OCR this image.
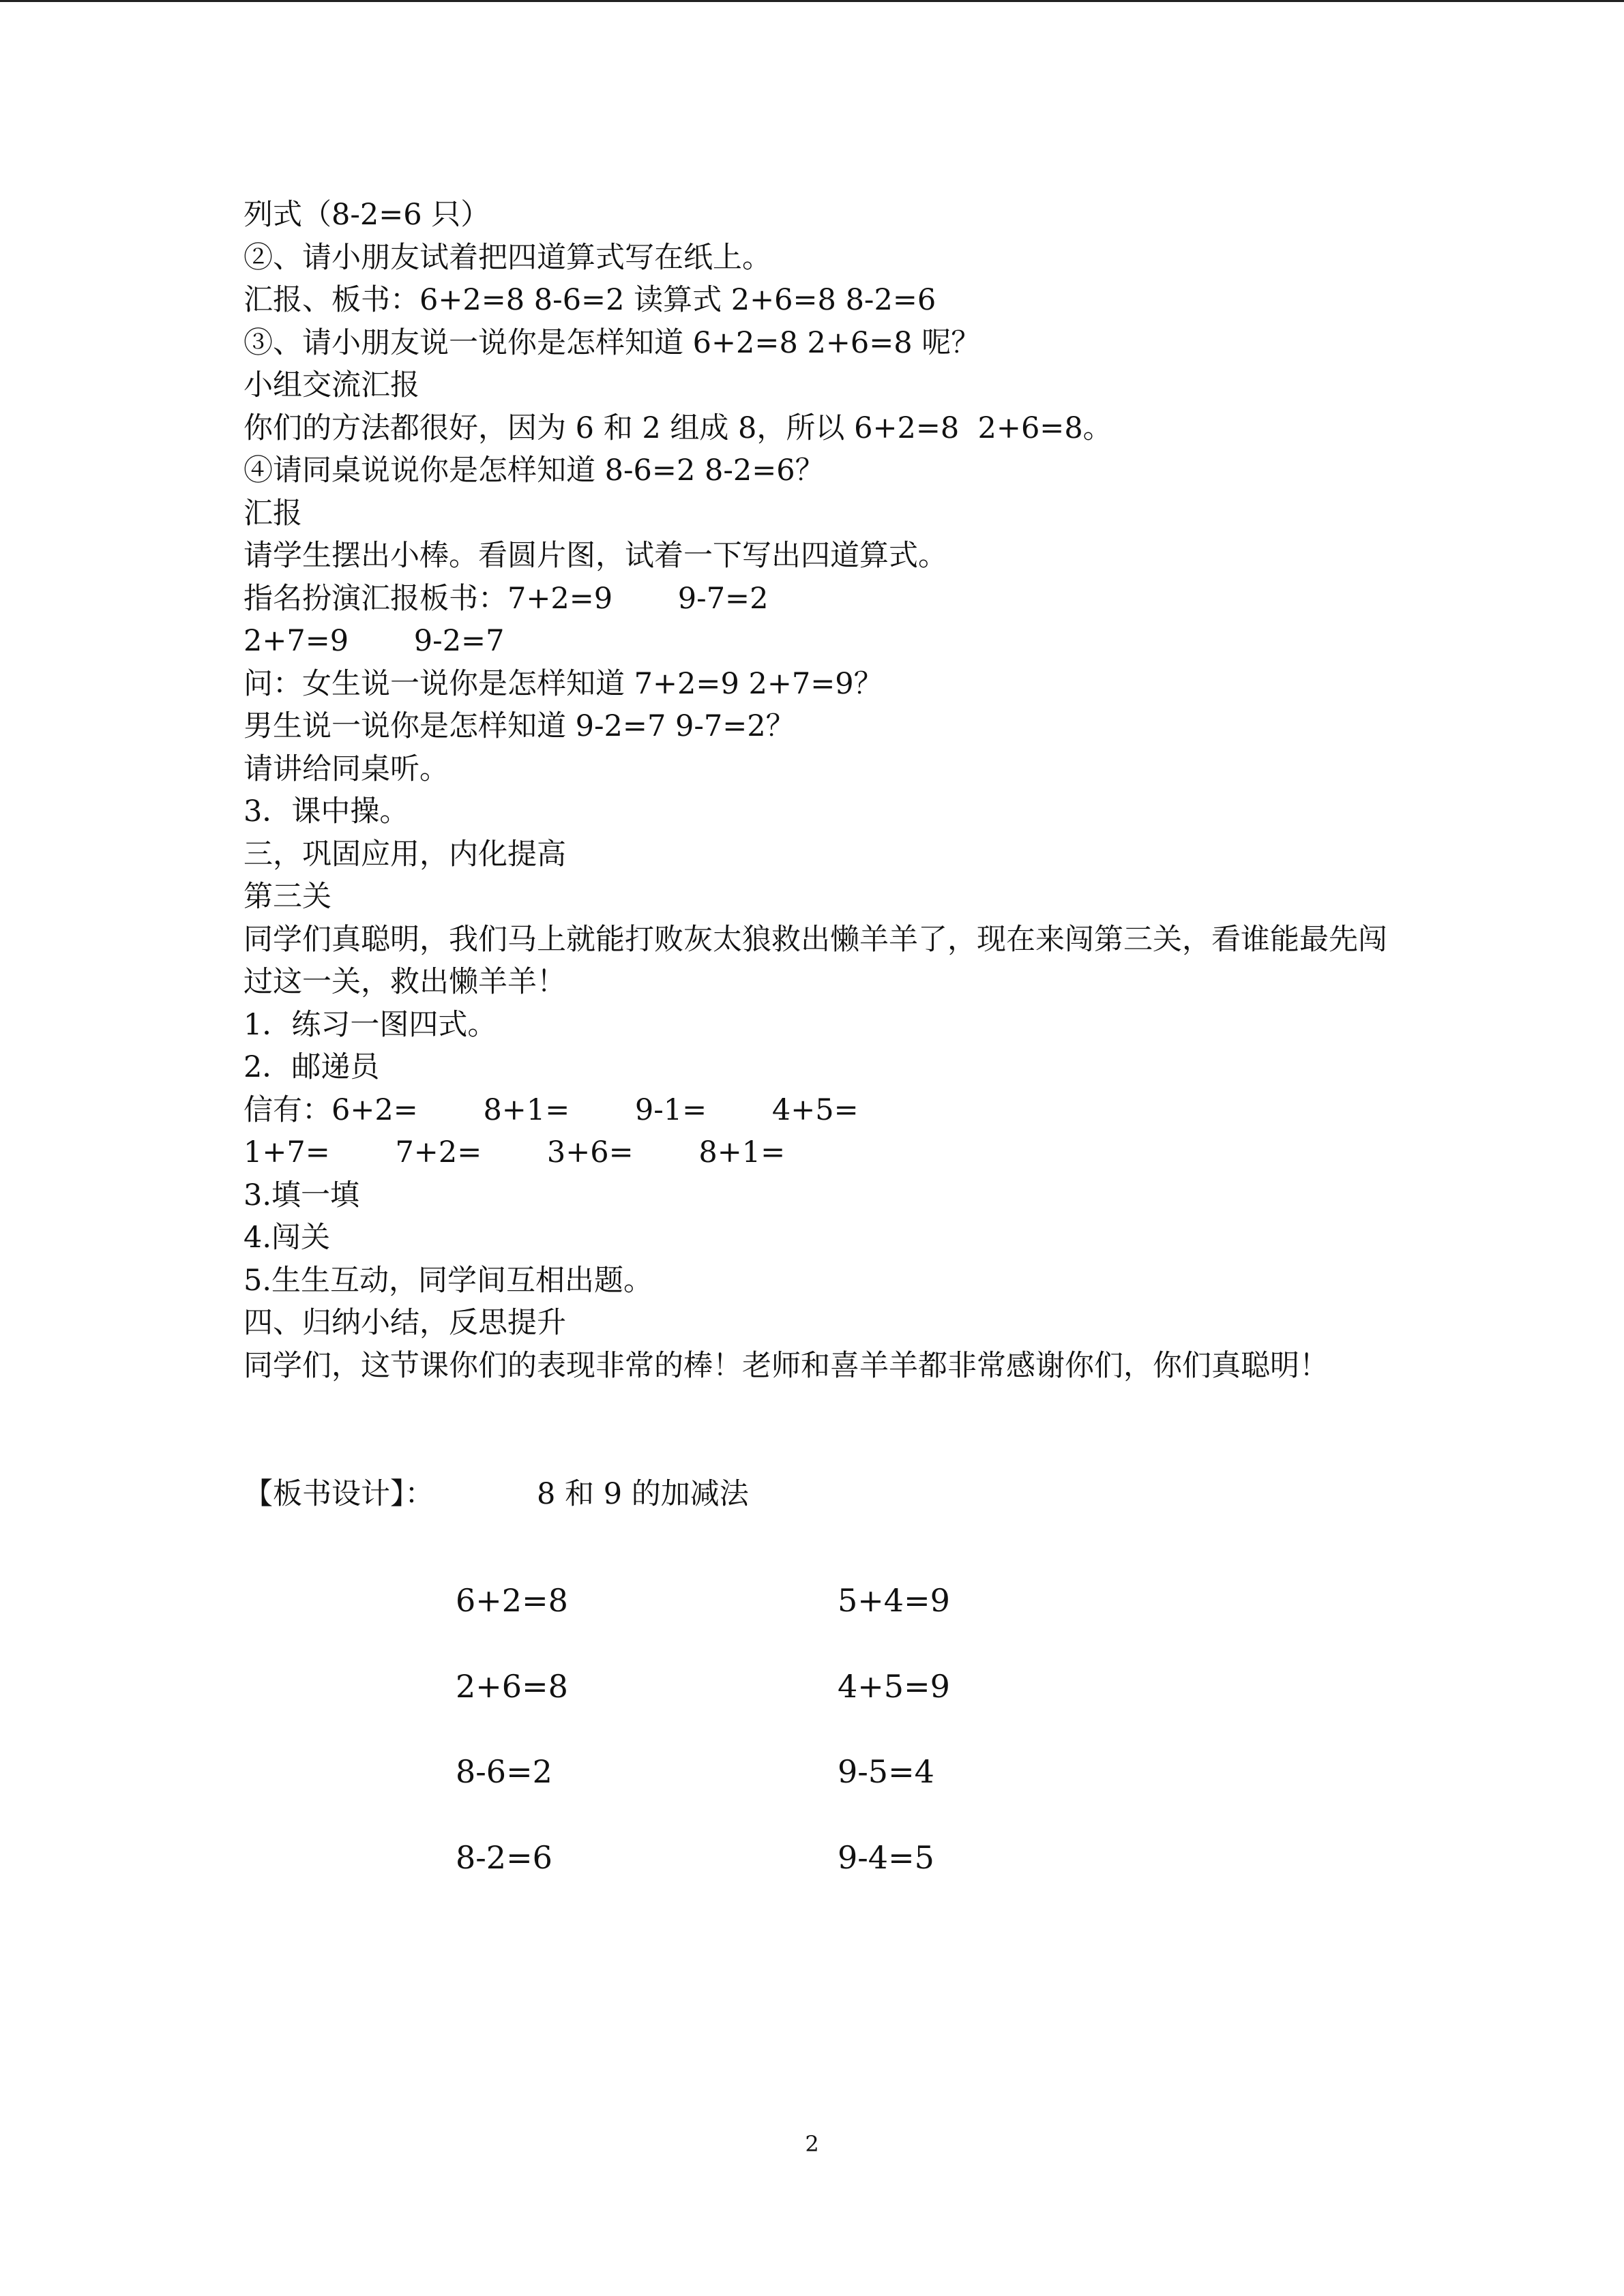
列式（8-2=6 只）

②、请小朋友试着把四道算式写在纸上。

汇报、板书：6+2=8 8-6=2 读算式 2+6=8 8-2=6

③、请小朋友说一说你是怎样知道 6+2=8 2+6=8 呢？

小组交流汇报

你们的方法都很好，因为 6 和 2 组成 8，所以 6+2=8  2+6=8。

④请同桌说说你是怎样知道 8-6=2 8-2=6？

汇报

请学生摆出小棒。看圆片图，试着一下写出四道算式。

指名扮演汇报板书：7+2=9       9-7=2

2+7=9       9-2=7

问：女生说一说你是怎样知道 7+2=9 2+7=9？

男生说一说你是怎样知道 9-2=7 9-7=2？

请讲给同桌听。

3．课中操。

三，巩固应用，内化提高

第三关

同学们真聪明，我们马上就能打败灰太狼救出懒羊羊了，现在来闯第三关，看谁能最先闯过这一关，救出懒羊羊！

1．练习一图四式。

2．邮递员

信有：6+2=       8+1=       9-1=       4+5=

1+7=       7+2=       3+6=       8+1=

3.填一填

4.闯关

5.生生互动，同学间互相出题。

四、归纳小结，反思提升

同学们，这节课你们的表现非常的棒！老师和喜羊羊都非常感谢你们，你们真聪明！

【板书设计】：	8 和 9 的加减法
6+2=8	5+4=9
2+6=8	4+5=9
8-6=2	9-5=4
8-2=6	9-4=5
2
